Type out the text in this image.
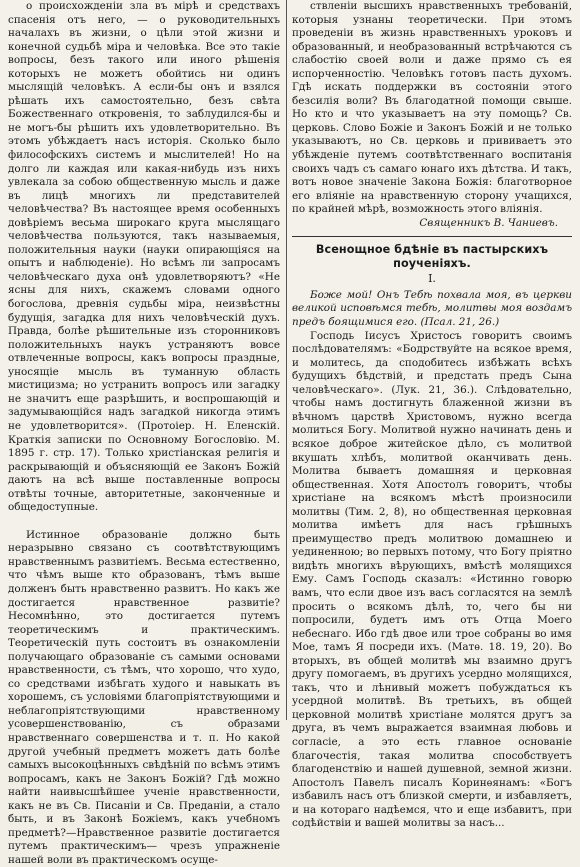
о происхожденіи зла въ мірѣ и средствахъ спасенія отъ него, — о руководительныхъ началахъ въ жизни, о цѣли этой жизни и конечной судьбѣ міра и человѣка. Все это такіе вопросы, безъ такого или иного рѣшенія которыхъ не можетъ обойтись ни одинъ мыслящій человѣкъ. А если-бы онъ и взялся рѣшать ихъ самостоятельно, безъ свѣта Божественнаго откровенія, то заблудился-бы и не могъ-бы рѣшить ихъ удовлетворительно. Въ этомъ убѣждаетъ насъ исторія. Сколько было философскихъ системъ и мыслителей! Но на долго ли каждая или какая-нибудь изъ нихъ увлекала за собою общественную мысль и даже въ лицѣ многихъ ли представителей человѣчества? Въ настоящее время особенныхъ довѣріемъ весьма широкаго круга мыслящаго человѣчества пользуются, такъ называемыя, положительныя науки (науки опирающіяся на опытъ и наблюденіе). Но всѣмъ ли запросамъ человѣческаго духа онѣ удовлетворяютъ? «Не ясны для нихъ, скажемъ словами одного богослова, древнія судьбы міра, неизвѣстны будущія, загадка для нихъ человѣческій духъ. Правда, болѣе рѣшительные изъ сторонниковъ положительныхъ наукъ устраняютъ вовсе отвлеченные вопросы, какъ вопросы праздные, уносящіе мысль въ туманную область мистицизма; но устранить вопросъ или загадку не значитъ еще разрѣшить, и воспрошающій и задумывающійся надъ загадкой никогда этимъ не удовлетворится». (Протоіер. Н. Еленскій. Краткія записки по Основному Богословію. М. 1895 г. стр. 17). Только христіанская религія и раскрывающій и объясняющій ее Законъ Божій даютъ на всѣ выше поставленные вопросы отвѣты точные, авторитетные, законченные и общедоступные.

Истинное образованіе должно быть неразрывно связано съ соотвѣтствующимъ нравственнымъ развитіемъ. Весьма естественно, что чѣмъ выше кто образованъ, тѣмъ выше долженъ быть нравственно развитъ. Но какъ же достигается нравственное развитіе? Несомнѣнно, это достигается путемъ теоретическимъ и практическимъ. Теоретическій путь состоитъ въ ознакомленіи получающаго образованіе съ самыми основами нравственности, съ тѣмъ, что хорошо, что худо, со средствами избѣгать худого и навыкать въ хорошемъ, съ условіями благопріятствующими и неблагопріятствующими нравственному усовершенствованію, съ образами нравственнаго совершенства и т. п. Но какой другой учебный предметъ можетъ дать болѣе самыхъ высокоцѣнныхъ свѣдѣній по всѣмъ этимъ вопросамъ, какъ не Законъ Божій? Гдѣ можно найти наивысшѣйшее ученіе нравственности, какъ не въ Св. Писаніи и Св. Преданіи, а стало быть, и въ Законѣ Божіемъ, какъ учебномъ предметѣ?—Нравственное развитіе достигается путемъ практическимъ— чрезъ упражненіе нашей воли въ практическомъ осуще-

ствленіи высшихъ нравственныхъ требованій, которыя узнаны теоретически. При этомъ проведеніи въ жизнь нравственныхъ уроковъ и образованный, и необразованный встрѣчаются съ слабостію своей воли и даже прямо съ ея испорченностію. Человѣкъ готовъ пасть духомъ. Гдѣ искать поддержки въ состояніи этого безсилія воли? Въ благодатной помощи свыше. Но кто и что указываетъ на эту помощь? Св. церковь. Слово Божіе и Законъ Божій и не только указываютъ, но Св. церковь и прививаетъ это убѣжденіе путемъ соотвѣтственнаго воспитанія своихъ чадъ съ самаго юнаго ихъ дѣтства. И такъ, вотъ новое значеніе Закона Божія: благотворное его вліяніе на нравственную сторону учащихся, по крайней мѣрѣ, возможность этого вліянія.

Священникъ В. Чаниевъ.

Всенощное бдѣніе въ пастырскихъ поученіяхъ.
I.

Боже мой! Онъ Тебѣ похвала моя, въ церкви великой исповѣмся тебѣ, молитвы моя воздамъ предъ боящимися его. (Псал. 21, 26.)

Господь Іисусъ Христосъ говоритъ своимъ послѣдователямъ: «Бодрствуйте на всякое время, и молитесь, да сподобитесь избѣжать всѣхъ будущихъ бѣдствій, и предстать предъ Сына человѣческаго». (Лук. 21, 36.). Слѣдовательно, чтобы намъ достигнуть блаженной жизни въ вѣчномъ царствѣ Христовомъ, нужно всегда молиться Богу. Молитвой нужно начинать день и всякое доброе житейское дѣло, съ молитвой вкушать хлѣбъ, молитвой оканчивать день. Молитва бываетъ домашняя и церковная общественная. Хотя Апостолъ говоритъ, чтобы христіане на всякомъ мѣстѣ произносили молитвы (Тим. 2, 8), но общественная церковная молитва имѣетъ для насъ грѣшныхъ преимущество предъ молитвою домашнею и уединенною; во первыхъ потому, что Богу пріятно видѣть многихъ вѣрующихъ, вмѣстѣ молящихся Ему. Самъ Господь сказалъ: «Истинно говорю вамъ, что если двое изъ васъ согласятся на землѣ просить о всякомъ дѣлѣ, то, чего бы ни попросили, будетъ имъ отъ Отца Моего небеснаго. Ибо гдѣ двое или трое собраны во имя Мое, тамъ Я посреди ихъ. (Матѳ. 18. 19, 20). Во вторыхъ, въ общей молитвѣ мы взаимно другъ другу помогаемъ, въ другихъ усердно молящихся, такъ, что и лѣнивый можетъ побуждаться къ усердной молитвѣ. Въ третьихъ, въ общей церковной молитвѣ христіане молятся другъ за друга, въ чемъ выражается взаимная любовь и согласіе, а это есть главное основаніе благочестія, такая молитва способствуетъ благоденствію и нашей душевной, земной жизни. Апостолъ Павелъ писалъ Коринѳянамъ: «Богъ избавилъ насъ отъ близкой смерти, и избавляетъ, и на котораго надѣемся, что и еще избавитъ, при содѣйствіи и вашей молитвы за насъ...
